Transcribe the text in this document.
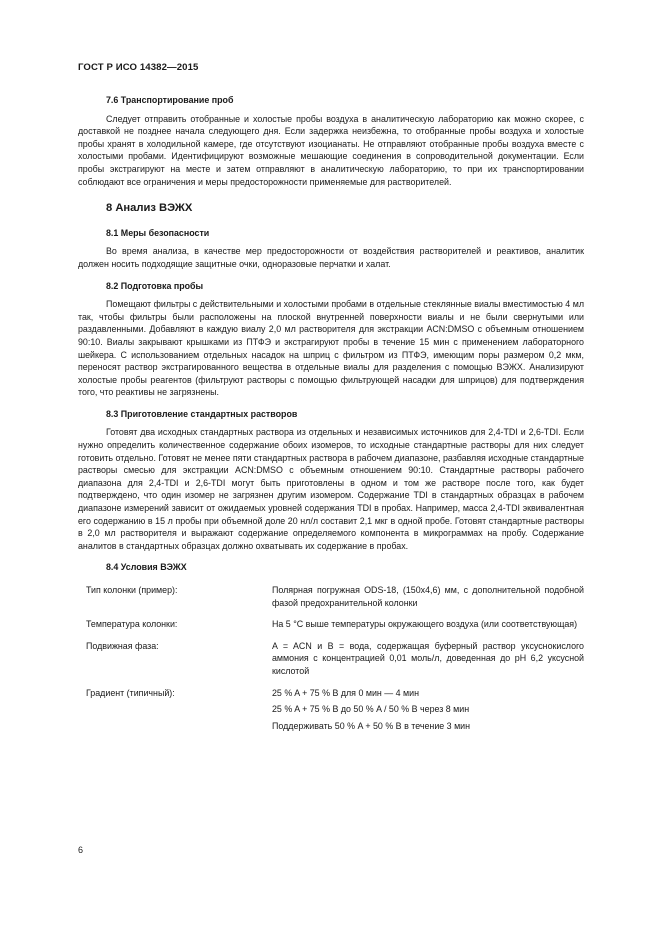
ГОСТ Р ИСО 14382—2015
7.6 Транспортирование проб
Следует отправить отобранные и холостые пробы воздуха в аналитическую лабораторию как можно скорее, с доставкой не позднее начала следующего дня. Если задержка неизбежна, то отобранные пробы воздуха и холостые пробы хранят в холодильной камере, где отсутствуют изоцианаты. Не отправляют отобранные пробы воздуха вместе с холостыми пробами. Идентифицируют возможные мешающие соединения в сопроводительной документации. Если пробы экстрагируют на месте и затем отправляют в аналитическую лабораторию, то при их транспортировании соблюдают все ограничения и меры предосторожности применяемые для растворителей.
8 Анализ ВЭЖХ
8.1 Меры безопасности
Во время анализа, в качестве мер предосторожности от воздействия растворителей и реактивов, аналитик должен носить подходящие защитные очки, одноразовые перчатки и халат.
8.2 Подготовка пробы
Помещают фильтры с действительными и холостыми пробами в отдельные стеклянные виалы вместимостью 4 мл так, чтобы фильтры были расположены на плоской внутренней поверхности виалы и не были свернутыми или раздавленными. Добавляют в каждую виалу 2,0 мл растворителя для экстракции ACN:DMSO с объемным отношением 90:10. Виалы закрывают крышками из ПТФЭ и экстрагируют пробы в течение 15 мин с применением лабораторного шейкера. С использованием отдельных насадок на шприц с фильтром из ПТФЭ, имеющим поры размером 0,2 мкм, переносят раствор экстрагированного вещества в отдельные виалы для разделения с помощью ВЭЖХ. Анализируют холостые пробы реагентов (фильтруют растворы с помощью фильтрующей насадки для шприцов) для подтверждения того, что реактивы не загрязнены.
8.3 Приготовление стандартных растворов
Готовят два исходных стандартных раствора из отдельных и независимых источников для 2,4-TDI и 2,6-TDI. Если нужно определить количественное содержание обоих изомеров, то исходные стандартные растворы для них следует готовить отдельно. Готовят не менее пяти стандартных раствора в рабочем диапазоне, разбавляя исходные стандартные растворы смесью для экстракции ACN:DMSO с объемным отношением 90:10. Стандартные растворы рабочего диапазона для 2,4-TDI и 2,6-TDI могут быть приготовлены в одном и том же растворе после того, как будет подтверждено, что один изомер не загрязнен другим изомером. Содержание TDI в стандартных образцах в рабочем диапазоне измерений зависит от ожидаемых уровней содержания TDI в пробах. Например, масса 2,4-TDI эквивалентная его содержанию в 15 л пробы при объемной доле 20 нл/л составит 2,1 мкг в одной пробе. Готовят стандартные растворы в 2,0 мл растворителя и выражают содержание определяемого компонента в микрограммах на пробу. Содержание аналитов в стандартных образцах должно охватывать их содержание в пробах.
8.4 Условия ВЭЖХ
Тип колонки (пример):	Полярная погружная ODS-18, (150x4,6) мм, с дополнительной подобной фазой предохранительной колонки
Температура колонки:	На 5 °С выше температуры окружающего воздуха (или соответствующая)
Подвижная фаза:	A = ACN и B = вода, содержащая буферный раствор уксуснокислого аммония с концентрацией 0,01 моль/л, доведенная до pH 6,2 уксусной кислотой
Градиент (типичный):	25 % A + 75 % B для 0 мин — 4 мин
25 % A + 75 % B до 50 % A / 50 % B через 8 мин
Поддерживать 50 % A + 50 % B в течение 3 мин
6
